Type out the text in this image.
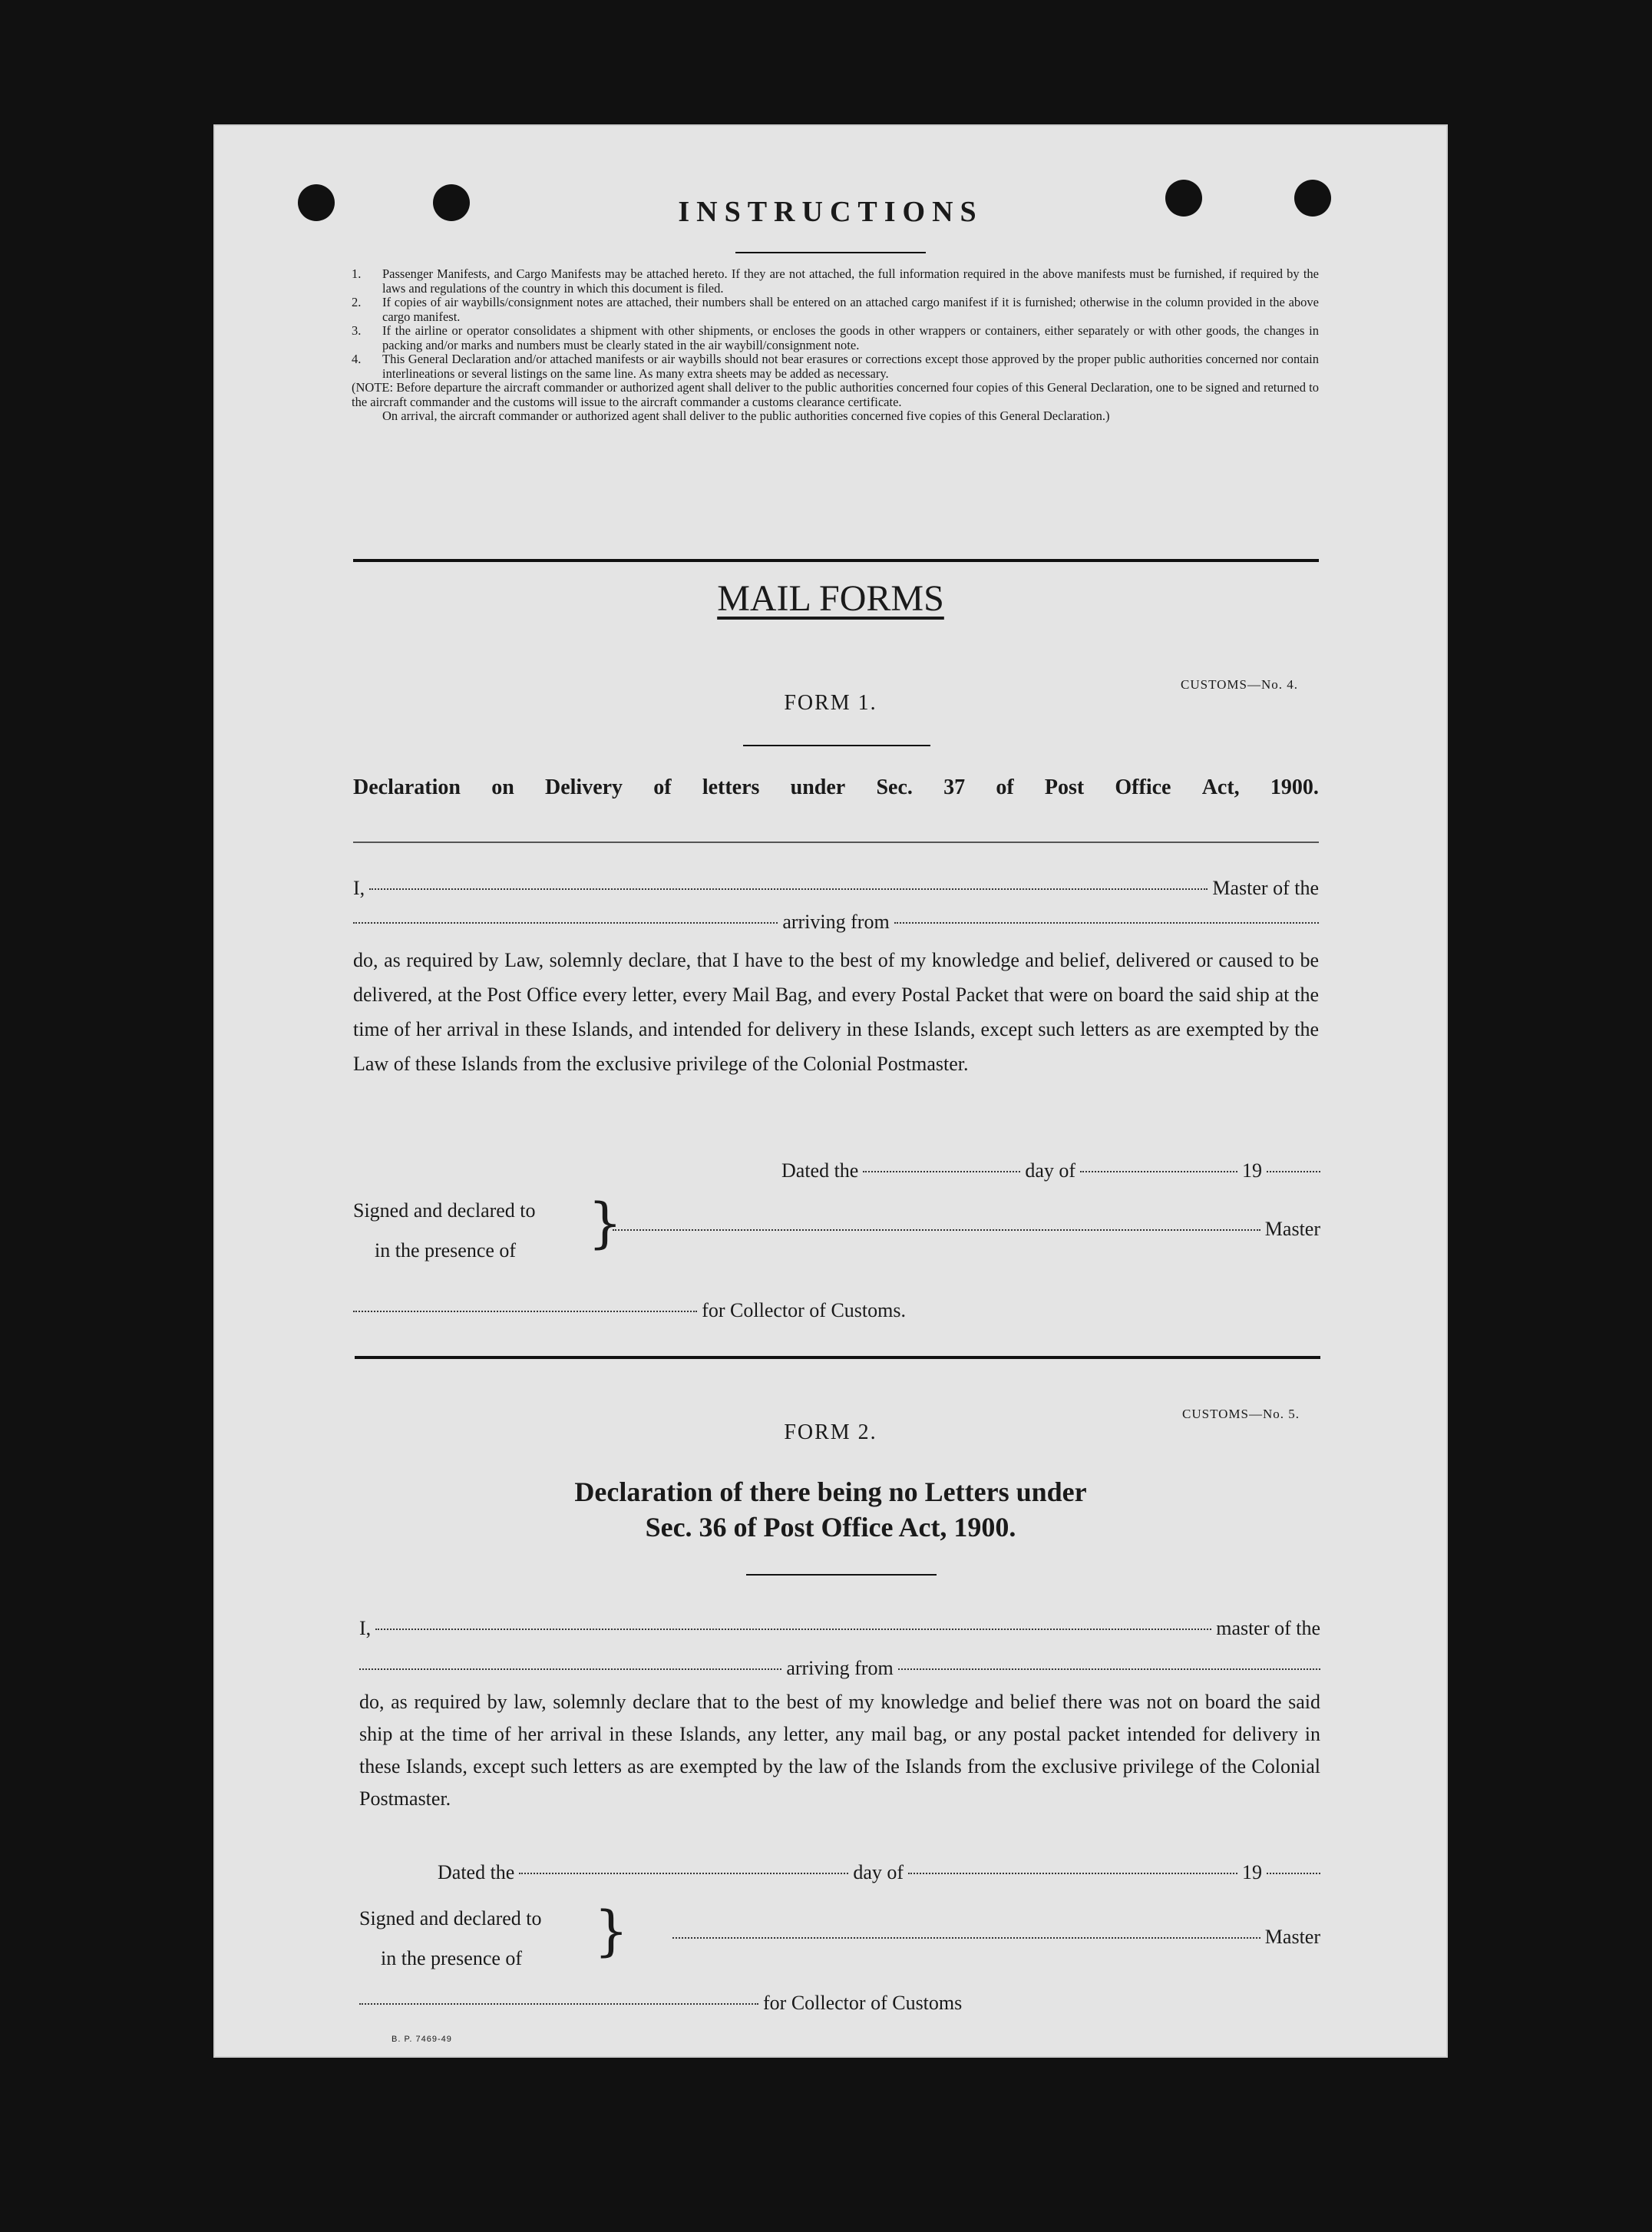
INSTRUCTIONS
1.	Passenger Manifests, and Cargo Manifests may be attached hereto. If they are not attached, the full information required in the above manifests must be furnished, if required by the laws and regulations of the country in which this document is filed.
2.	If copies of air waybills/consignment notes are attached, their numbers shall be entered on an attached cargo manifest if it is furnished; otherwise in the column provided in the above cargo manifest.
3.	If the airline or operator consolidates a shipment with other shipments, or encloses the goods in other wrappers or containers, either separately or with other goods, the changes in packing and/or marks and numbers must be clearly stated in the air waybill/consignment note.
4.	This General Declaration and/or attached manifests or air waybills should not bear erasures or corrections except those approved by the proper public authorities concerned nor contain interlineations or several listings on the same line. As many extra sheets may be added as necessary.
(NOTE: Before departure the aircraft commander or authorized agent shall deliver to the public authorities concerned four copies of this General Declaration, one to be signed and returned to the aircraft commander and the customs will issue to the aircraft commander a customs clearance certificate.
On arrival, the aircraft commander or authorized agent shall deliver to the public authorities concerned five copies of this General Declaration.)
MAIL FORMS
CUSTOMS—No. 4.
FORM 1.
Declaration on Delivery of letters under Sec. 37 of Post Office Act, 1900.
I,	Master of the
arriving from
do, as required by Law, solemnly declare, that I have to the best of my knowledge and belief, delivered or caused to be delivered, at the Post Office every letter, every Mail Bag, and every Postal Packet that were on board the said ship at the time of her arrival in these Islands, and intended for delivery in these Islands, except such letters as are exempted by the Law of these Islands from the exclusive privilege of the Colonial Postmaster.
Dated the	day of	19
Signed and declared to
in the presence of }	Master
for Collector of Customs.
CUSTOMS—No. 5.
FORM 2.
Declaration of there being no Letters under
Sec. 36 of Post Office Act, 1900.
I,	master of the
arriving from
do, as required by law, solemnly declare that to the best of my knowledge and belief there was not on board the said ship at the time of her arrival in these Islands, any letter, any mail bag, or any postal packet intended for delivery in these Islands, except such letters as are exempted by the law of the Islands from the exclusive privilege of the Colonial Postmaster.
Dated the	day of	19
Signed and declared to
in the presence of }	Master
for Collector of Customs
B. P. 7469-49
